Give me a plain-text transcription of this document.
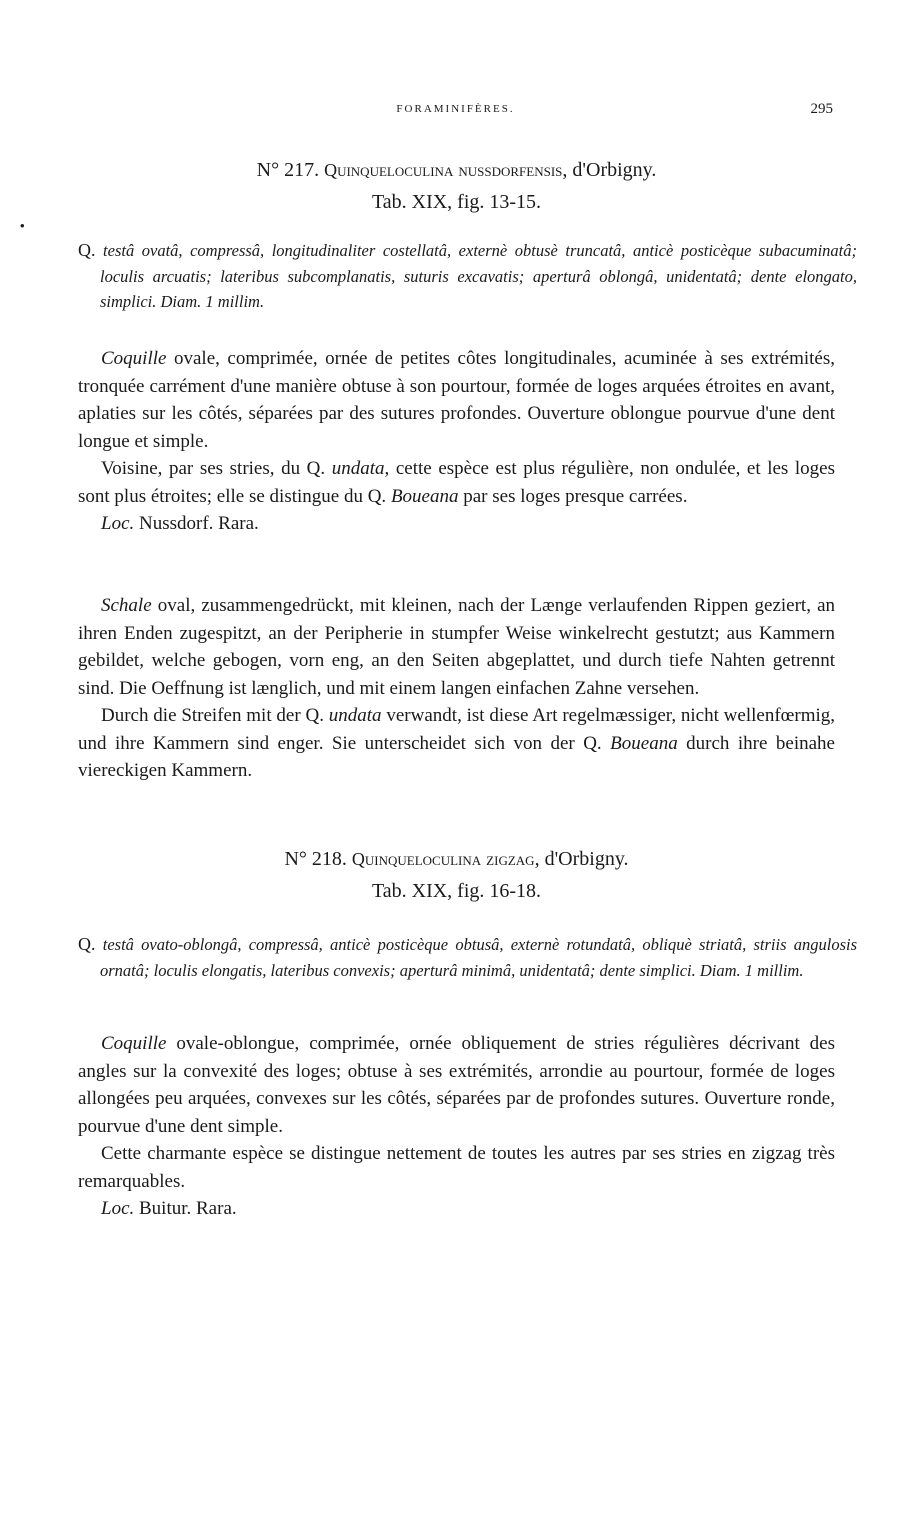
FORAMINIFÈRES.	295
•
N° 217. Quinqueloculina nussdorfensis, d'Orbigny.
Tab. XIX, fig. 13-15.
Q. testâ ovatâ, compressâ, longitudinaliter costellatâ, externè obtusè truncatâ, anticè posticèque subacuminatâ; loculis arcuatis; lateribus subcomplanatis, suturis excavatis; aperturâ oblongâ, unidentatâ; dente elongato, simplici. Diam. 1 millim.

Coquille ovale, comprimée, ornée de petites côtes longitudinales, acuminée à ses extrémités, tronquée carrément d'une manière obtuse à son pourtour, formée de loges arquées étroites en avant, aplaties sur les côtés, séparées par des sutures profondes. Ouverture oblongue pourvue d'une dent longue et simple.

Voisine, par ses stries, du Q. undata, cette espèce est plus régulière, non ondulée, et les loges sont plus étroites; elle se distingue du Q. Boueana par ses loges presque carrées.

Loc. Nussdorf. Rara.

Schale oval, zusammengedrückt, mit kleinen, nach der Længe verlaufenden Rippen geziert, an ihren Enden zugespitzt, an der Peripherie in stumpfer Weise winkelrecht gestutzt; aus Kammern gebildet, welche gebogen, vorn eng, an den Seiten abgeplattet, und durch tiefe Nahten getrennt sind. Die Oeffnung ist længlich, und mit einem langen einfachen Zahne versehen.

Durch die Streifen mit der Q. undata verwandt, ist diese Art regelmæssiger, nicht wellenfœrmig, und ihre Kammern sind enger. Sie unterscheidet sich von der Q. Boueana durch ihre beinahe viereckigen Kammern.

N° 218. Quinqueloculina zigzag, d'Orbigny.
Tab. XIX, fig. 16-18.
Q. testâ ovato-oblongâ, compressâ, anticè posticèque obtusâ, externè rotundatâ, obliquè striatâ, striis angulosis ornatâ; loculis elongatis, lateribus convexis; aperturâ minimâ, unidentatâ; dente simplici. Diam. 1 millim.

Coquille ovale-oblongue, comprimée, ornée obliquement de stries régulières décrivant des angles sur la convexité des loges; obtuse à ses extrémités, arrondie au pourtour, formée de loges allongées peu arquées, convexes sur les côtés, séparées par de profondes sutures. Ouverture ronde, pourvue d'une dent simple.

Cette charmante espèce se distingue nettement de toutes les autres par ses stries en zigzag très remarquables.

Loc. Buitur. Rara.
